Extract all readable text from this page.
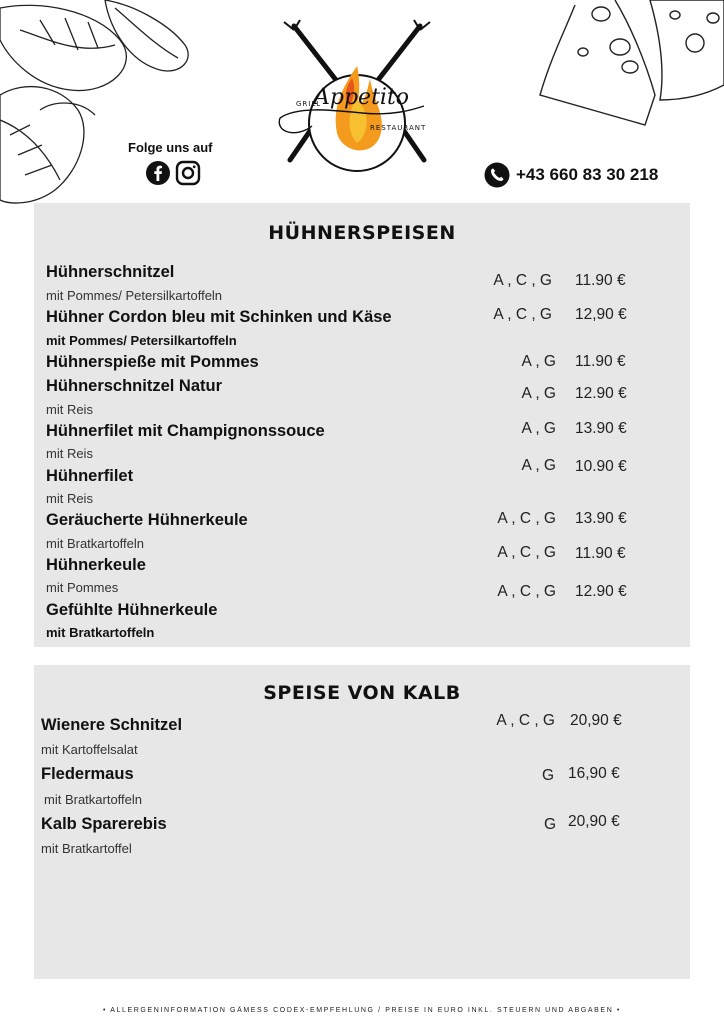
Appetito
GRILL
RESTAURANT
Folge uns auf
+43 660 83 30 218
HÜHNERSPEISEN
Hühnerschnitzel
mit Pommes/ Petersilkartoffeln
A , C , G 11.90 €
Hühner Cordon bleu mit Schinken und Käse
mit Pommes/ Petersilkartoffeln
A , C , G 12,90 €
Hühnerspieße mit Pommes	A , G 11.90 €
Hühnerschnitzel Natur
mit Reis
A , G 12.90 €
Hühnerfilet mit Champignonssouce
mit Reis
A , G 13.90 €
Hühnerfilet
mit Reis
A , G 10.90 €
Geräucherte Hühnerkeule
mit Bratkartoffeln
A , C , G 13.90 €
Hühnerkeule
mit Pommes
A , C , G 11.90 €
Gefühlte Hühnerkeule
mit Bratkartoffeln
A , C , G 12.90 €
SPEISE VON KALB
Wienere Schnitzel
mit Kartoffelsalat
A , C , G 20,90 €
Fledermaus
mit Bratkartoffeln
G 16,90 €
Kalb Sparerebis
mit Bratkartoffel
G 20,90 €
• ALLERGENINFORMATION GÄMESS CODEX-EMPFEHLUNG / PREISE IN EURO INKL. STEUERN UND ABGABEN •
